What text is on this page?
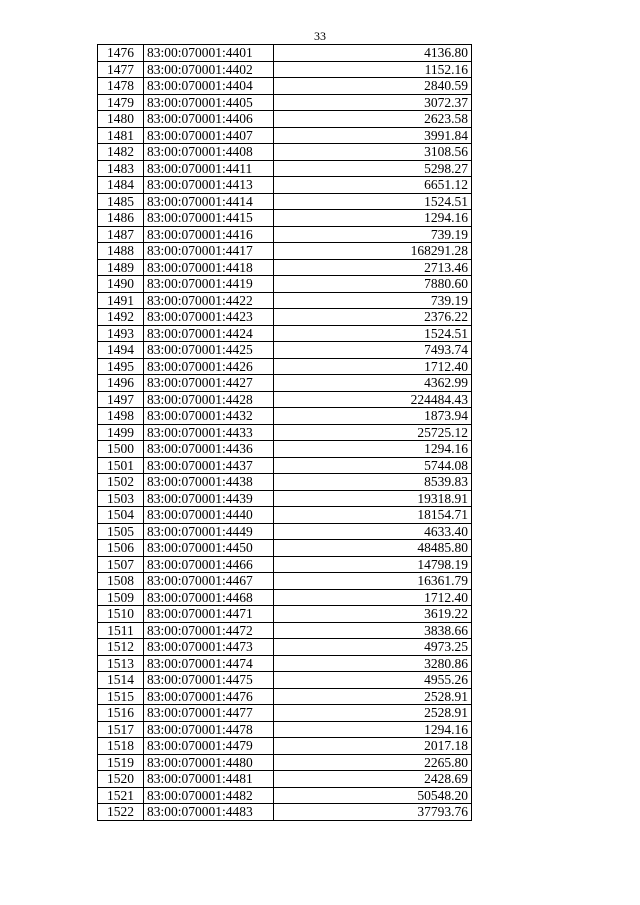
33
1476	83:00:070001:4401	4136.80
1477	83:00:070001:4402	1152.16
1478	83:00:070001:4404	2840.59
1479	83:00:070001:4405	3072.37
1480	83:00:070001:4406	2623.58
1481	83:00:070001:4407	3991.84
1482	83:00:070001:4408	3108.56
1483	83:00:070001:4411	5298.27
1484	83:00:070001:4413	6651.12
1485	83:00:070001:4414	1524.51
1486	83:00:070001:4415	1294.16
1487	83:00:070001:4416	739.19
1488	83:00:070001:4417	168291.28
1489	83:00:070001:4418	2713.46
1490	83:00:070001:4419	7880.60
1491	83:00:070001:4422	739.19
1492	83:00:070001:4423	2376.22
1493	83:00:070001:4424	1524.51
1494	83:00:070001:4425	7493.74
1495	83:00:070001:4426	1712.40
1496	83:00:070001:4427	4362.99
1497	83:00:070001:4428	224484.43
1498	83:00:070001:4432	1873.94
1499	83:00:070001:4433	25725.12
1500	83:00:070001:4436	1294.16
1501	83:00:070001:4437	5744.08
1502	83:00:070001:4438	8539.83
1503	83:00:070001:4439	19318.91
1504	83:00:070001:4440	18154.71
1505	83:00:070001:4449	4633.40
1506	83:00:070001:4450	48485.80
1507	83:00:070001:4466	14798.19
1508	83:00:070001:4467	16361.79
1509	83:00:070001:4468	1712.40
1510	83:00:070001:4471	3619.22
1511	83:00:070001:4472	3838.66
1512	83:00:070001:4473	4973.25
1513	83:00:070001:4474	3280.86
1514	83:00:070001:4475	4955.26
1515	83:00:070001:4476	2528.91
1516	83:00:070001:4477	2528.91
1517	83:00:070001:4478	1294.16
1518	83:00:070001:4479	2017.18
1519	83:00:070001:4480	2265.80
1520	83:00:070001:4481	2428.69
1521	83:00:070001:4482	50548.20
1522	83:00:070001:4483	37793.76
